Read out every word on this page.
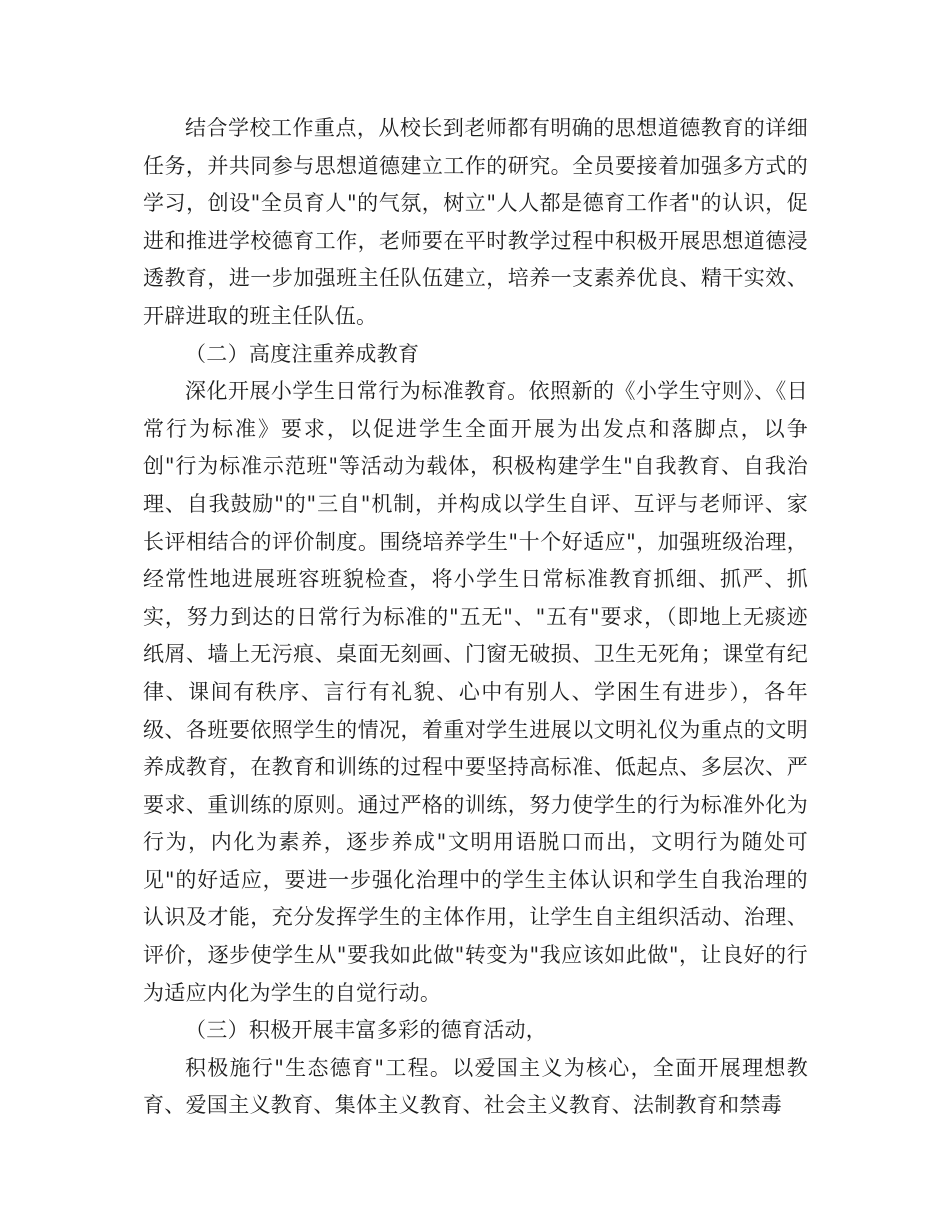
结合学校工作重点，从校长到老师都有明确的思想道德教育的详细任务，并共同参与思想道德建立工作的研究。全员要接着加强多方式的学习，创设"全员育人"的气氛，树立"人人都是德育工作者"的认识，促进和推进学校德育工作，老师要在平时教学过程中积极开展思想道德浸透教育，进一步加强班主任队伍建立，培养一支素养优良、精干实效、开辟进取的班主任队伍。

（二）高度注重养成教育

深化开展小学生日常行为标准教育。依照新的《小学生守则》、《日常行为标准》要求，以促进学生全面开展为出发点和落脚点，以争创"行为标准示范班"等活动为载体，积极构建学生"自我教育、自我治理、自我鼓励"的"三自"机制，并构成以学生自评、互评与老师评、家长评相结合的评价制度。围绕培养学生"十个好适应"，加强班级治理，经常性地进展班容班貌检查，将小学生日常标准教育抓细、抓严、抓实，努力到达的日常行为标准的"五无"、"五有"要求，（即地上无痰迹纸屑、墙上无污痕、桌面无刻画、门窗无破损、卫生无死角；课堂有纪律、课间有秩序、言行有礼貌、心中有别人、学困生有进步），各年级、各班要依照学生的情况，着重对学生进展以文明礼仪为重点的文明养成教育，在教育和训练的过程中要坚持高标准、低起点、多层次、严要求、重训练的原则。通过严格的训练，努力使学生的行为标准外化为行为，内化为素养，逐步养成"文明用语脱口而出，文明行为随处可见"的好适应，要进一步强化治理中的学生主体认识和学生自我治理的认识及才能，充分发挥学生的主体作用，让学生自主组织活动、治理、评价，逐步使学生从"要我如此做"转变为"我应该如此做"，让良好的行为适应内化为学生的自觉行动。

（三）积极开展丰富多彩的德育活动，

积极施行"生态德育"工程。以爱国主义为核心，全面开展理想教育、爱国主义教育、集体主义教育、社会主义教育、法制教育和禁毒
